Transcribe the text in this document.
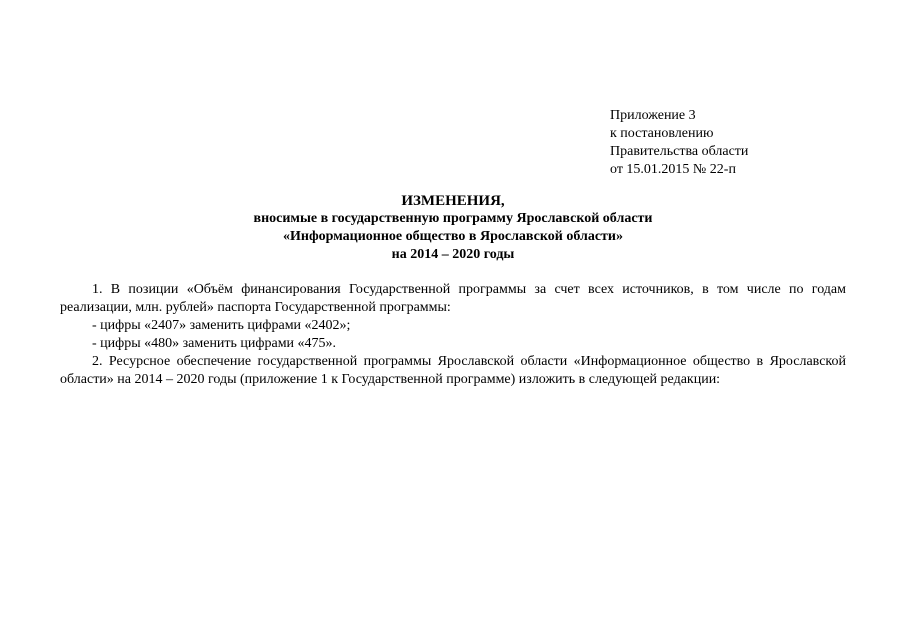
Приложение 3
к постановлению
Правительства области
от 15.01.2015 № 22-п
ИЗМЕНЕНИЯ,
вносимые в государственную программу Ярославской области
«Информационное общество в Ярославской области»
на 2014 – 2020 годы

1. В позиции «Объём финансирования Государственной программы за счет всех источников, в том числе по годам реализации, млн. рублей» паспорта Государственной программы:

- цифры «2407» заменить цифрами «2402»;

- цифры «480» заменить цифрами «475».

2. Ресурсное обеспечение государственной программы Ярославской области «Информационное общество в Ярославской области» на 2014 – 2020 годы (приложение 1 к Государственной программе) изложить в следующей редакции:
